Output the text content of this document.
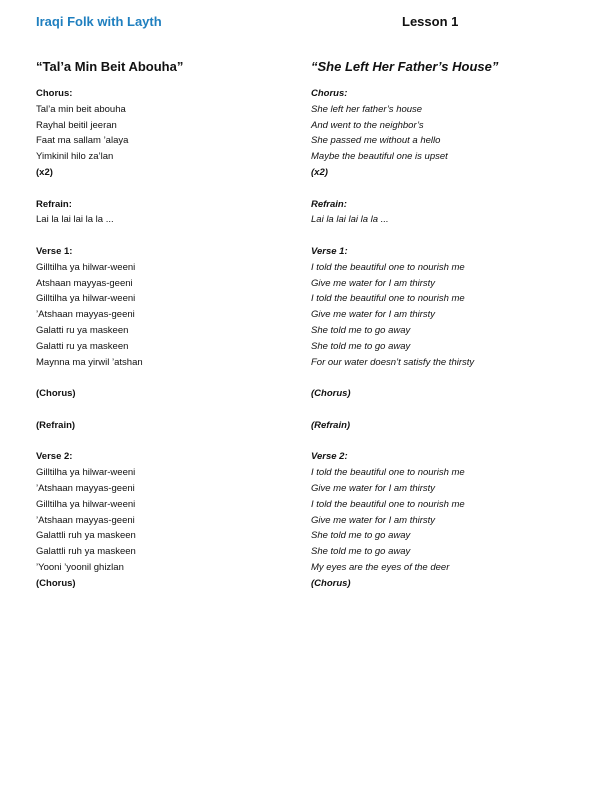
Iraqi Folk with Layth	Lesson 1
“Tal’a Min Beit Abouha”
Chorus:
Tal’a min beit abouha
Rayhal beitil jeeran
Faat ma sallam ’alaya
Yimkinil hilo za’lan
(x2)
Refrain:
Lai la lai lai la la ...
Verse 1:
Gilltilha ya hilwar-weeni
Atshaan mayyas-geeni
Gilltilha ya hilwar-weeni
’Atshaan mayyas-geeni
Galatti ru ya maskeen
Galatti ru ya maskeen
Maynna ma yirwil ’atshan
(Chorus)
(Refrain)
Verse 2:
Gilltilha ya hilwar-weeni
’Atshaan mayyas-geeni
Gilltilha ya hilwar-weeni
’Atshaan mayyas-geeni
Galattli ruh ya maskeen
Galattli ruh ya maskeen
’Yooni ’yoonil ghizlan
(Chorus)
“She Left Her Father’s House”
Chorus:
She left her father’s house
And went to the neighbor’s
She passed me without a hello
Maybe the beautiful one is upset
(x2)
Refrain:
Lai la lai lai la la ...
Verse 1:
I told the beautiful one to nourish me
Give me water for I am thirsty
I told the beautiful one to nourish me
Give me water for I am thirsty
She told me to go away
She told me to go away
For our water doesn’t satisfy the thirsty
(Chorus)
(Refrain)
Verse 2:
I told the beautiful one to nourish me
Give me water for I am thirsty
I told the beautiful one to nourish me
Give me water for I am thirsty
She told me to go away
She told me to go away
My eyes are the eyes of the deer
(Chorus)
